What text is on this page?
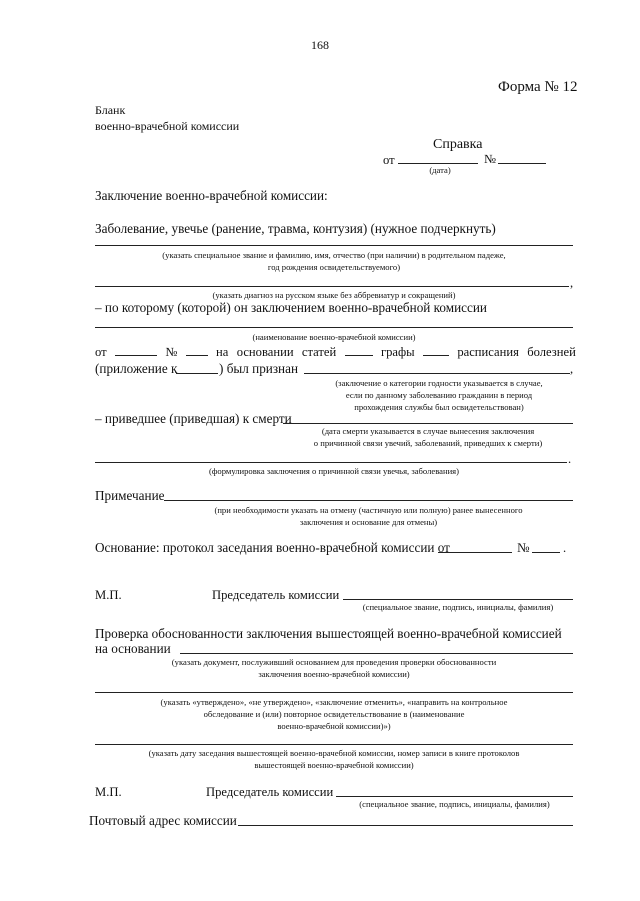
168
Форма № 12
Бланк
военно-врачебной комиссии
Справка
от	№
(дата)
Заключение военно-врачебной комиссии:
Заболевание, увечье (ранение, травма, контузия) (нужное подчеркнуть)
(указать специальное звание и фамилию, имя, отчество (при наличии) в родительном падеже,
год рождения освидетельствуемого)
,
(указать диагноз на русском языке без аббревиатур и сокращений)
– по которому (которой) он заключением военно-врачебной комиссии
(наименование военно-врачебной комиссии)
от	№	на основании статей	графы	расписания болезней
(приложение к	) был признан	,
(заключение о категории годности указывается в случае,
если по данному заболеванию гражданин в период
прохождения службы был освидетельствован)
– приведшее (приведшая) к смерти
(дата смерти указывается в случае вынесения заключения
о причинной связи увечий, заболеваний, приведших к смерти)
.
(формулировка заключения о причинной связи увечья, заболевания)
Примечание
(при необходимости указать на отмену (частичную или полную) ранее вынесенного
заключения и основание для отмены)
Основание: протокол заседания военно-врачебной комиссии от	№	.
М.П.	Председатель комиссии
(специальное звание, подпись, инициалы, фамилия)
Проверка обоснованности заключения вышестоящей военно-врачебной комиссией
на основании
(указать документ, послуживший основанием для проведения проверки обоснованности
заключения военно-врачебной комиссии)
(указать «утверждено», «не утверждено», «заключение отменить», «направить на контрольное
обследование и (или) повторное освидетельствование в (наименование
военно-врачебной комиссии)»)
(указать дату заседания вышестоящей военно-врачебной комиссии, номер записи в книге протоколов
вышестоящей военно-врачебной комиссии)
М.П.	Председатель комиссии
(специальное звание, подпись, инициалы, фамилия)
Почтовый адрес комиссии
